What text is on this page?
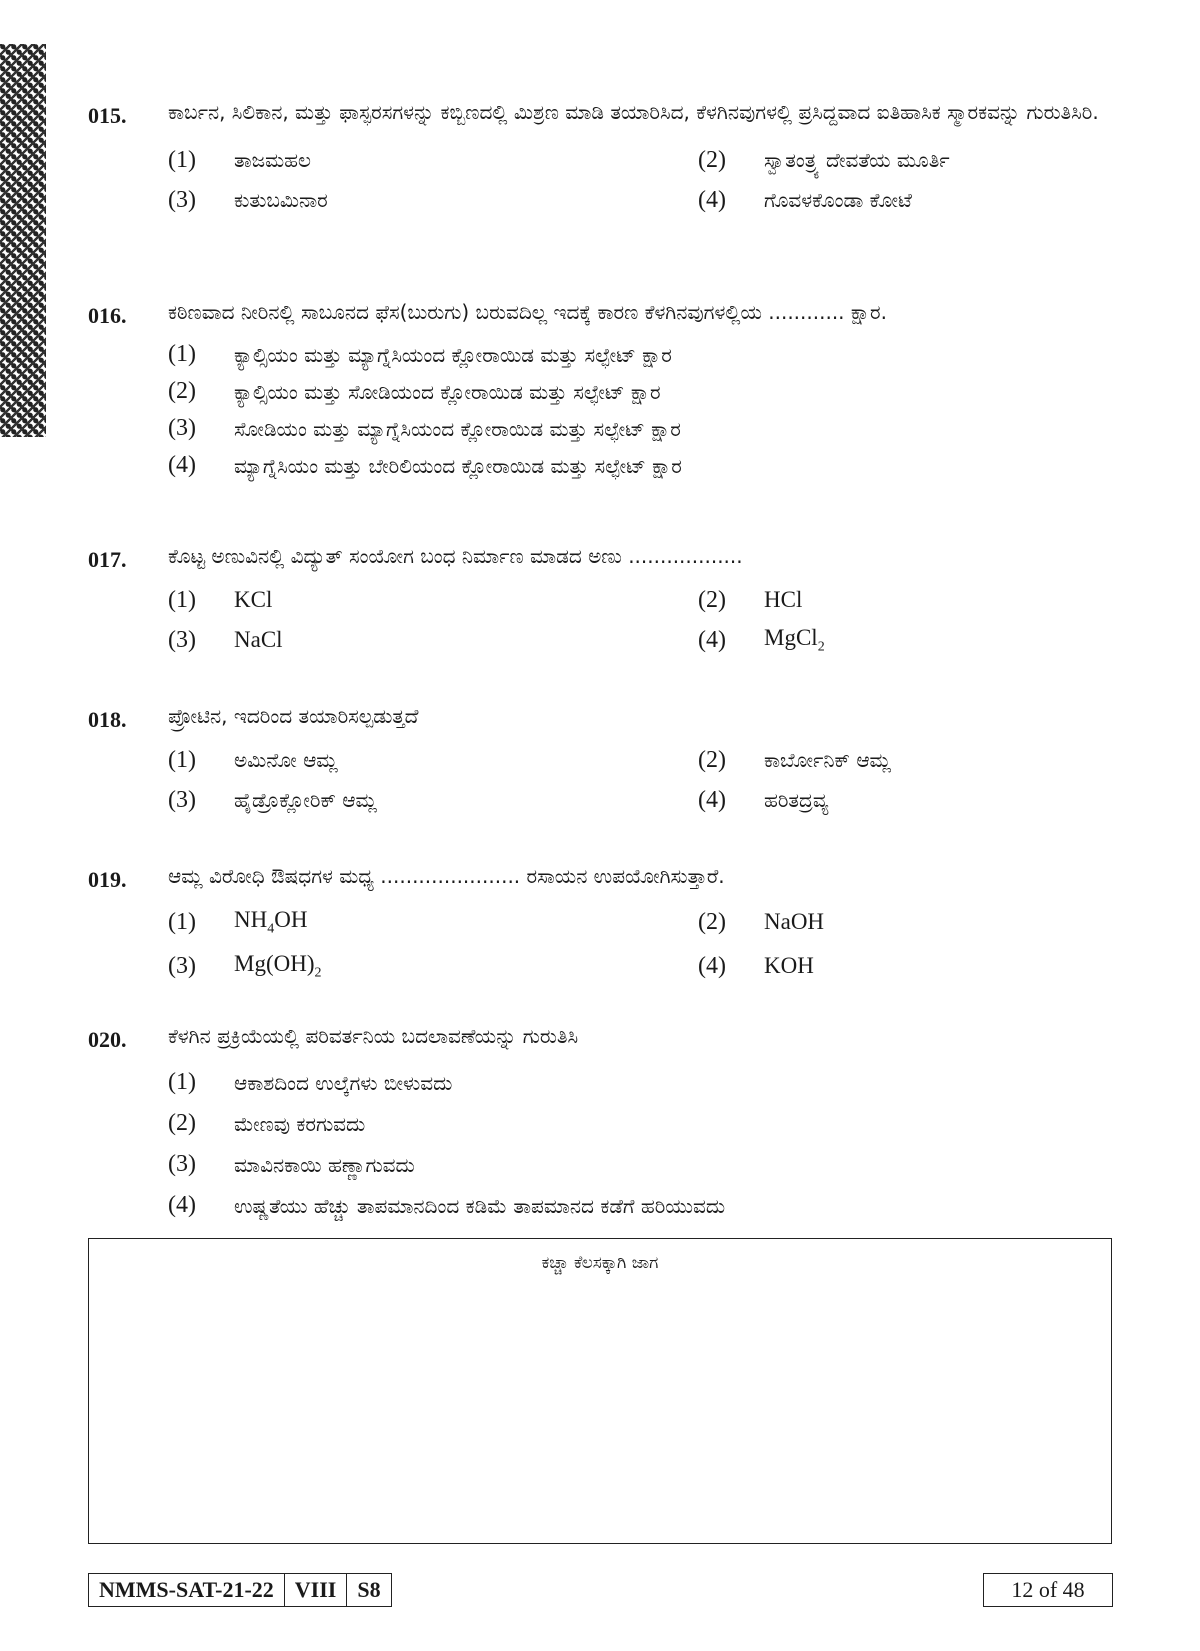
015.	ಕಾರ್ಬನ, ಸಿಲಿಕಾನ, ಮತ್ತು ಫಾಸ್ಫರಸಗಳನ್ನು ಕಬ್ಬಿಣದಲ್ಲಿ ಮಿಶ್ರಣ ಮಾಡಿ ತಯಾರಿಸಿದ, ಕೆಳಗಿನವುಗಳಲ್ಲಿ ಪ್ರಸಿದ್ದವಾದ ಐತಿಹಾಸಿಕ ಸ್ಮಾರಕವನ್ನು ಗುರುತಿಸಿರಿ.
(1)	ತಾಜಮಹಲ	(2)	ಸ್ವಾತಂತ್ರ್ಯ ದೇವತೆಯ ಮೂರ್ತಿ
(3)	ಕುತುಬಮಿನಾರ	(4)	ಗೊವಳಕೊಂಡಾ ಕೋಟೆ
016.	ಕಠಿಣವಾದ ನೀರಿನಲ್ಲಿ ಸಾಬೂನದ ಫೆಸ(ಬುರುಗು) ಬರುವದಿಲ್ಲ ಇದಕ್ಕೆ ಕಾರಣ ಕೆಳಗಿನವುಗಳಲ್ಲಿಯ ............ ಕ್ಷಾರ.
(1)	ಕ್ಯಾಲ್ಸಿಯಂ ಮತ್ತು ಮ್ಯಾಗ್ನೆಸಿಯಂದ ಕ್ಲೋರಾಯಿಡ ಮತ್ತು ಸಲ್ಫೇಟ್ ಕ್ಷಾರ
(2)	ಕ್ಯಾಲ್ಸಿಯಂ ಮತ್ತು ಸೋಡಿಯಂದ ಕ್ಲೋರಾಯಿಡ ಮತ್ತು ಸಲ್ಫೇಟ್ ಕ್ಷಾರ
(3)	ಸೋಡಿಯಂ ಮತ್ತು ಮ್ಯಾಗ್ನೆಸಿಯಂದ ಕ್ಲೋರಾಯಿಡ ಮತ್ತು ಸಲ್ಫೇಟ್ ಕ್ಷಾರ
(4)	ಮ್ಯಾಗ್ನೆಸಿಯಂ ಮತ್ತು ಬೇರಿಲಿಯಂದ ಕ್ಲೋರಾಯಿಡ ಮತ್ತು ಸಲ್ಫೇಟ್ ಕ್ಷಾರ
017.	ಕೊಟ್ಟ ಅಣುವಿನಲ್ಲಿ ವಿದ್ಯುತ್ ಸಂಯೋಗ ಬಂಧ ನಿರ್ಮಾಣ ಮಾಡದ ಅಣು ..................
(1)	KCl	(2)	HCl
(3)	NaCl	(4)	MgCl$_2$
018.	ಪ್ರೋಟಿನ, ಇದರಿಂದ ತಯಾರಿಸಲ್ಪಡುತ್ತದೆ
(1)	ಅಮಿನೋ ಆಮ್ಲ	(2)	ಕಾರ್ಬೋನಿಕ್ ಆಮ್ಲ
(3)	ಹೈಡ್ರೊಕ್ಲೋರಿಕ್ ಆಮ್ಲ	(4)	ಹರಿತದ್ರವ್ಯ
019.	ಆಮ್ಲ ವಿರೋಧಿ ಔಷಧಗಳ ಮಧ್ಯ ...................... ರಸಾಯನ ಉಪಯೋಗಿಸುತ್ತಾರೆ.
(1)	$NH_4OH$	(2)	NaOH
(3)	$Mg(OH)_2$	(4)	KOH
020.	ಕೆಳಗಿನ ಪ್ರಕ್ರಿಯೆಯಲ್ಲಿ ಪರಿವರ್ತನಿಯ ಬದಲಾವಣೆಯನ್ನು ಗುರುತಿಸಿ
(1)	ಆಕಾಶದಿಂದ ಉಲ್ಕೆಗಳು ಬೀಳುವದು
(2)	ಮೇಣವು ಕರಗುವದು
(3)	ಮಾವಿನಕಾಯಿ ಹಣ್ಣಾಗುವದು
(4)	ಉಷ್ಣತೆಯು ಹೆಚ್ಚು ತಾಪಮಾನದಿಂದ ಕಡಿಮೆ ತಾಪಮಾನದ ಕಡೆಗೆ ಹರಿಯುವದು
ಕಚ್ಚಾ ಕೆಲಸಕ್ಕಾಗಿ ಜಾಗ
NMMS-SAT-21-22 VIII S8	12 of 48
